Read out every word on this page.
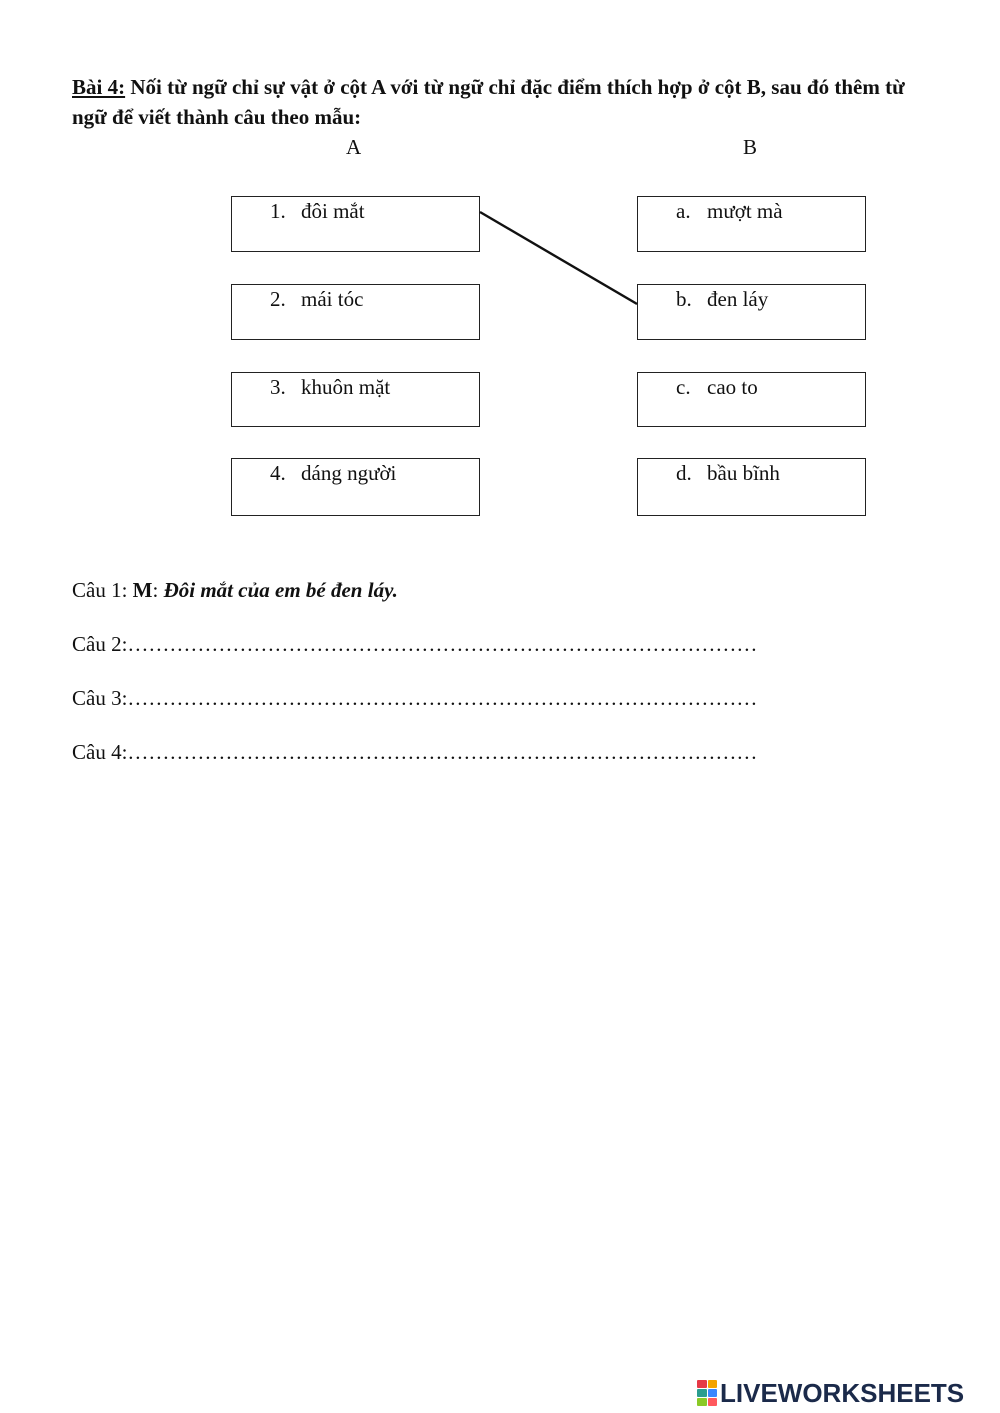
Bài 4: Nối từ ngữ chỉ sự vật ở cột A với từ ngữ chỉ đặc điểm thích hợp ở cột B, sau đó thêm từ ngữ để viết thành câu theo mẫu:
A	B
1. đôi mắt
2. mái tóc
3. khuôn mặt
4. dáng người
a. mượt mà
b. đen láy
c. cao to
d. bầu bĩnh
Câu 1: M: Đôi mắt của em bé đen láy.
Câu 2:………………………………………………………………………………
Câu 3:………………………………………………………………………………
Câu 4:………………………………………………………………………………
LIVEWORKSHEETS
